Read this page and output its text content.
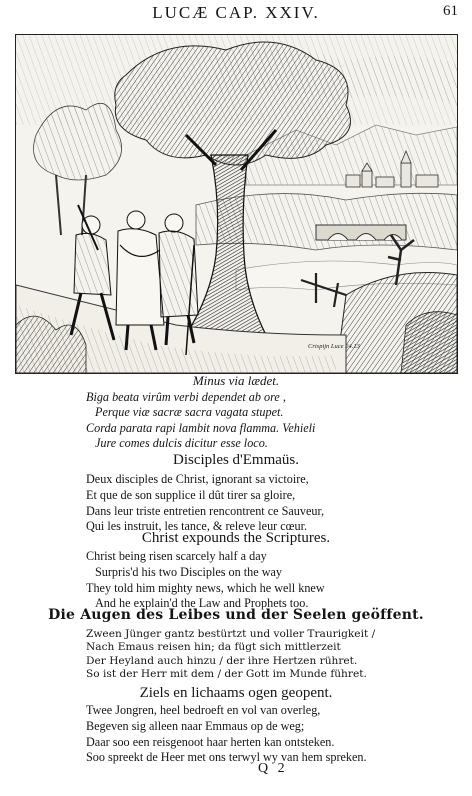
LUCÆ CAP. XXIV.	61
Crispijn Luce 24.13
Minus via lædet.
Biga beata virûm verbi dependet ab ore ,
Perque viæ sacræ sacra vagata stupet.
Corda parata rapi lambit nova flamma. Vehieli
Jure comes dulcis dicitur esse loco.
Disciples d'Emmaüs.
Deux disciples de Christ, ignorant sa victoire,
Et que de son supplice il dût tirer sa gloire,
Dans leur triste entretien rencontrent ce Sauveur,
Qui les instruit, les tance, & releve leur cœur.
Christ expounds the Scriptures.
Christ being risen scarcely half a day
Surpris'd his two Disciples on the way
They told him mighty news, which he well knew
And he explain'd the Law and Prophets too.
Die Augen des Leibes und der Seelen geöffent.
Zween Jünger gantz bestürtzt und voller Traurigkeit /
Nach Emaus reisen hin; da fügt sich mittlerzeit
Der Heyland auch hinzu / der ihre Hertzen rühret.
So ist der Herr mit dem / der Gott im Munde führet.
Ziels en lichaams ogen geopent.
Twee Jongren, heel bedroeft en vol van overleg,
Begeven sig alleen naar Emmaus op de weg;
Daar soo een reisgenoot haar herten kan ontsteken.
Soo spreekt de Heer met ons terwyl wy van hem spreken.
Q 2
